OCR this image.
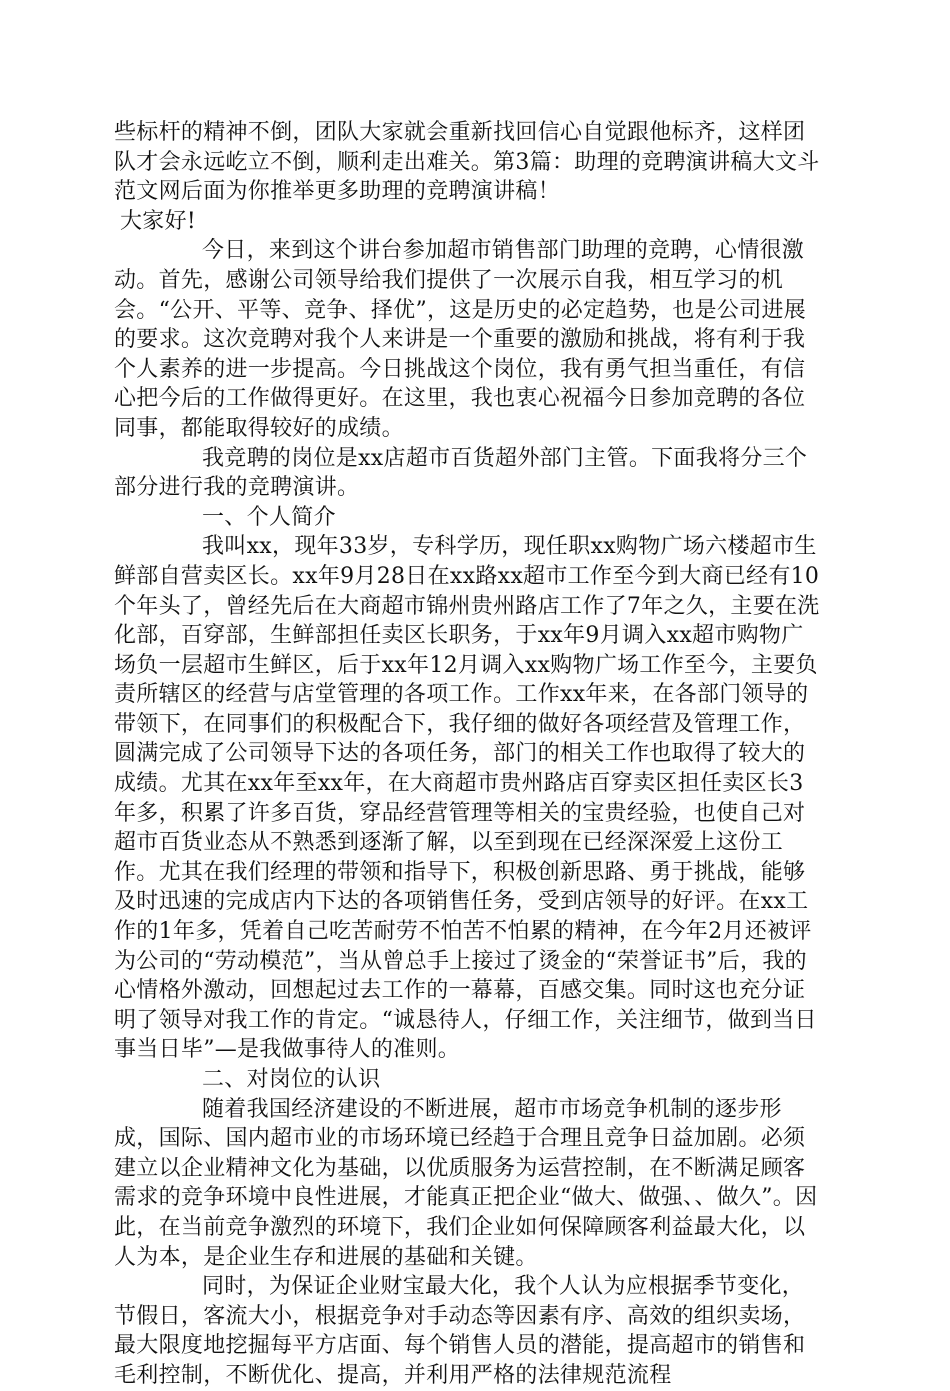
些标杆的精神不倒，团队大家就会重新找回信心自觉跟他标齐，这样团队才会永远屹立不倒，顺利走出难关。第3篇：助理的竞聘演讲稿大文斗范文网后面为你推举更多助理的竞聘演讲稿！

大家好!

今日，来到这个讲台参加超市销售部门助理的竞聘，心情很激动。首先，感谢公司领导给我们提供了一次展示自我，相互学习的机会。“公开、平等、竞争、择优”，这是历史的必定趋势，也是公司进展的要求。这次竞聘对我个人来讲是一个重要的激励和挑战，将有利于我个人素养的进一步提高。今日挑战这个岗位，我有勇气担当重任，有信心把今后的工作做得更好。在这里，我也衷心祝福今日参加竞聘的各位同事，都能取得较好的成绩。

我竞聘的岗位是xx店超市百货超外部门主管。下面我将分三个部分进行我的竞聘演讲。

一、个人简介

我叫xx，现年33岁，专科学历，现任职xx购物广场六楼超市生鲜部自营卖区长。xx年9月28日在xx路xx超市工作至今到大商已经有10个年头了，曾经先后在大商超市锦州贵州路店工作了7年之久，主要在洗化部，百穿部，生鲜部担任卖区长职务，于xx年9月调入xx超市购物广场负一层超市生鲜区，后于xx年12月调入xx购物广场工作至今，主要负责所辖区的经营与店堂管理的各项工作。工作xx年来，在各部门领导的带领下，在同事们的积极配合下，我仔细的做好各项经营及管理工作，圆满完成了公司领导下达的各项任务，部门的相关工作也取得了较大的成绩。尤其在xx年至xx年，在大商超市贵州路店百穿卖区担任卖区长3年多，积累了许多百货，穿品经营管理等相关的宝贵经验，也使自己对超市百货业态从不熟悉到逐渐了解，以至到现在已经深深爱上这份工作。尤其在我们经理的带领和指导下，积极创新思路、勇于挑战，能够及时迅速的完成店内下达的各项销售任务，受到店领导的好评。在xx工作的1年多，凭着自己吃苦耐劳不怕苦不怕累的精神，在今年2月还被评为公司的“劳动模范”，当从曾总手上接过了烫金的“荣誉证书”后，我的心情格外激动，回想起过去工作的一幕幕，百感交集。同时这也充分证明了领导对我工作的肯定。“诚恳待人，仔细工作，关注细节，做到当日事当日毕”—是我做事待人的准则。

二、对岗位的认识

随着我国经济建设的不断进展，超市市场竞争机制的逐步形成，国际、国内超市业的市场环境已经趋于合理且竞争日益加剧。必须建立以企业精神文化为基础，以优质服务为运营控制，在不断满足顾客需求的竞争环境中良性进展，才能真正把企业“做大、做强、、做久”。因此，在当前竞争激烈的环境下，我们企业如何保障顾客利益最大化，以人为本，是企业生存和进展的基础和关键。

同时，为保证企业财宝最大化，我个人认为应根据季节变化，节假日，客流大小，根据竞争对手动态等因素有序、高效的组织卖场，最大限度地挖掘每平方店面、每个销售人员的潜能，提高超市的销售和毛利控制，不断优化、提高，并利用严格的法律规范流程
